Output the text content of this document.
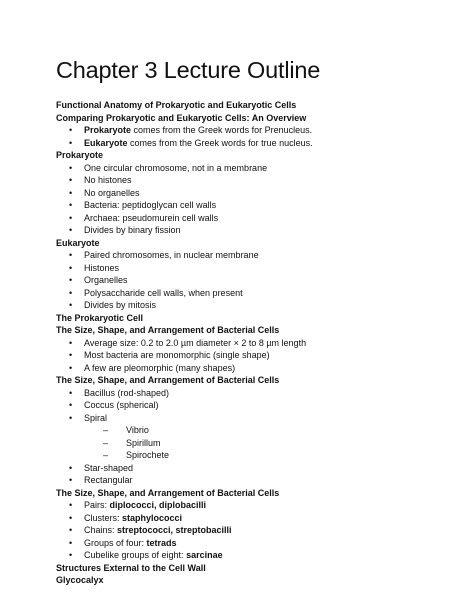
Chapter 3 Lecture Outline
Functional Anatomy of Prokaryotic and Eukaryotic Cells
Comparing Prokaryotic and Eukaryotic Cells: An Overview
• Prokaryote comes from the Greek words for Prenucleus.
• Eukaryote comes from the Greek words for true nucleus.
Prokaryote
• One circular chromosome, not in a membrane
• No histones
• No organelles
• Bacteria: peptidoglycan cell walls
• Archaea: pseudomurein cell walls
• Divides by binary fission
Eukaryote
• Paired chromosomes, in nuclear membrane
• Histones
• Organelles
• Polysaccharide cell walls, when present
• Divides by mitosis
The Prokaryotic Cell
The Size, Shape, and Arrangement of Bacterial Cells
• Average size: 0.2 to 2.0 µm diameter × 2 to 8 µm length
• Most bacteria are monomorphic (single shape)
• A few are pleomorphic (many shapes)
The Size, Shape, and Arrangement of Bacterial Cells
• Bacillus (rod-shaped)
• Coccus (spherical)
• Spiral
– Vibrio
– Spirillum
– Spirochete
• Star-shaped
• Rectangular
The Size, Shape, and Arrangement of Bacterial Cells
• Pairs: diplococci, diplobacilli
• Clusters: staphylococci
• Chains: streptococci, streptobacilli
• Groups of four: tetrads
• Cubelike groups of eight: sarcinae
Structures External to the Cell Wall
Glycocalyx
